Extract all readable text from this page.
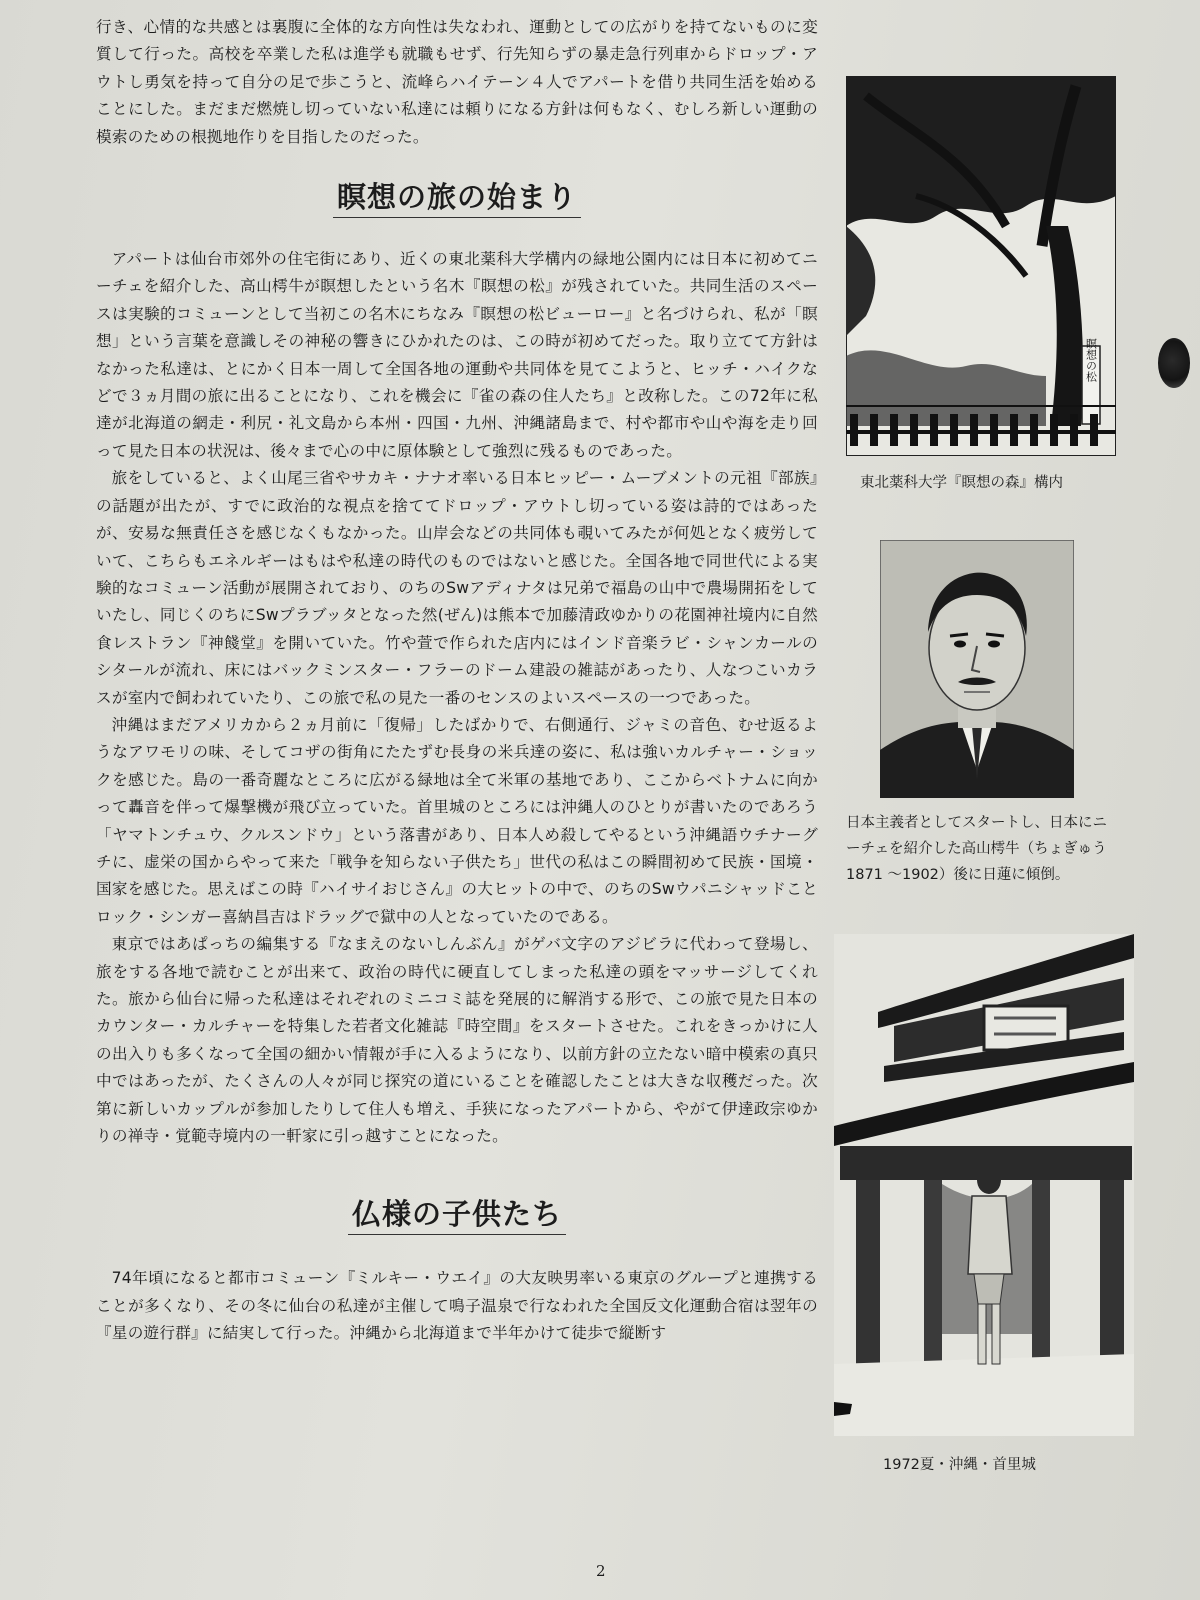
行き、心情的な共感とは裏腹に全体的な方向性は失なわれ、運動としての広がりを持てないものに変質して行った。高校を卒業した私は進学も就職もせず、行先知らずの暴走急行列車からドロップ・アウトし勇気を持って自分の足で歩こうと、流峰らハイテーン４人でアパートを借り共同生活を始めることにした。まだまだ燃焼し切っていない私達には頼りになる方針は何もなく、むしろ新しい運動の模索のための根拠地作りを目指したのだった。

瞑想の旅の始まり

アパートは仙台市郊外の住宅街にあり、近くの東北薬科大学構内の緑地公園内には日本に初めてニーチェを紹介した、高山樗牛が瞑想したという名木『瞑想の松』が残されていた。共同生活のスペースは実験的コミューンとして当初この名木にちなみ『瞑想の松ビューロー』と名づけられ、私が「瞑想」という言葉を意識しその神秘の響きにひかれたのは、この時が初めてだった。取り立てて方針はなかった私達は、とにかく日本一周して全国各地の運動や共同体を見てこようと、ヒッチ・ハイクなどで３ヵ月間の旅に出ることになり、これを機会に『雀の森の住人たち』と改称した。この72年に私達が北海道の網走・利尻・礼文島から本州・四国・九州、沖縄諸島まで、村や都市や山や海を走り回って見た日本の状況は、後々まで心の中に原体験として強烈に残るものであった。

旅をしていると、よく山尾三省やサカキ・ナナオ率いる日本ヒッピー・ムーブメントの元祖『部族』の話題が出たが、すでに政治的な視点を捨ててドロップ・アウトし切っている姿は詩的ではあったが、安易な無責任さを感じなくもなかった。山岸会などの共同体も覗いてみたが何処となく疲労していて、こちらもエネルギーはもはや私達の時代のものではないと感じた。全国各地で同世代による実験的なコミューン活動が展開されており、のちのSwアディナタは兄弟で福島の山中で農場開拓をしていたし、同じくのちにSwプラブッタとなった然(ぜん)は熊本で加藤清政ゆかりの花園神社境内に自然食レストラン『神餞堂』を開いていた。竹や萱で作られた店内にはインド音楽ラビ・シャンカールのシタールが流れ、床にはバックミンスター・フラーのドーム建設の雑誌があったり、人なつこいカラスが室内で飼われていたり、この旅で私の見た一番のセンスのよいスペースの一つであった。

沖縄はまだアメリカから２ヵ月前に「復帰」したばかりで、右側通行、ジャミの音色、むせ返るようなアワモリの味、そしてコザの街角にたたずむ長身の米兵達の姿に、私は強いカルチャー・ショックを感じた。島の一番奇麗なところに広がる緑地は全て米軍の基地であり、ここからベトナムに向かって轟音を伴って爆撃機が飛び立っていた。首里城のところには沖縄人のひとりが書いたのであろう「ヤマトンチュウ、クルスンドウ」という落書があり、日本人め殺してやるという沖縄語ウチナーグチに、虚栄の国からやって来た「戦争を知らない子供たち」世代の私はこの瞬間初めて民族・国境・国家を感じた。思えばこの時『ハイサイおじさん』の大ヒットの中で、のちのSwウパニシャッドことロック・シンガー喜納昌吉はドラッグで獄中の人となっていたのである。

東京ではあぱっちの編集する『なまえのないしんぶん』がゲバ文字のアジビラに代わって登場し、旅をする各地で読むことが出来て、政治の時代に硬直してしまった私達の頭をマッサージしてくれた。旅から仙台に帰った私達はそれぞれのミニコミ誌を発展的に解消する形で、この旅で見た日本のカウンター・カルチャーを特集した若者文化雑誌『時空間』をスタートさせた。これをきっかけに人の出入りも多くなって全国の細かい情報が手に入るようになり、以前方針の立たない暗中模索の真只中ではあったが、たくさんの人々が同じ探究の道にいることを確認したことは大きな収穫だった。次第に新しいカップルが参加したりして住人も増え、手狭になったアパートから、やがて伊達政宗ゆかりの禅寺・覚範寺境内の一軒家に引っ越すことになった。

仏様の子供たち

74年頃になると都市コミューン『ミルキー・ウエイ』の大友映男率いる東京のグループと連携することが多くなり、その冬に仙台の私達が主催して鳴子温泉で行なわれた全国反文化運動合宿は翌年の『星の遊行群』に結実して行った。沖縄から北海道まで半年かけて徒歩で縦断す

瞑想の松
東北薬科大学『瞑想の森』構内
日本主義者としてスタートし、日本にニーチェを紹介した高山樗牛（ちょぎゅう 1871 ～1902）後に日蓮に傾倒。
1972夏・沖縄・首里城
2
